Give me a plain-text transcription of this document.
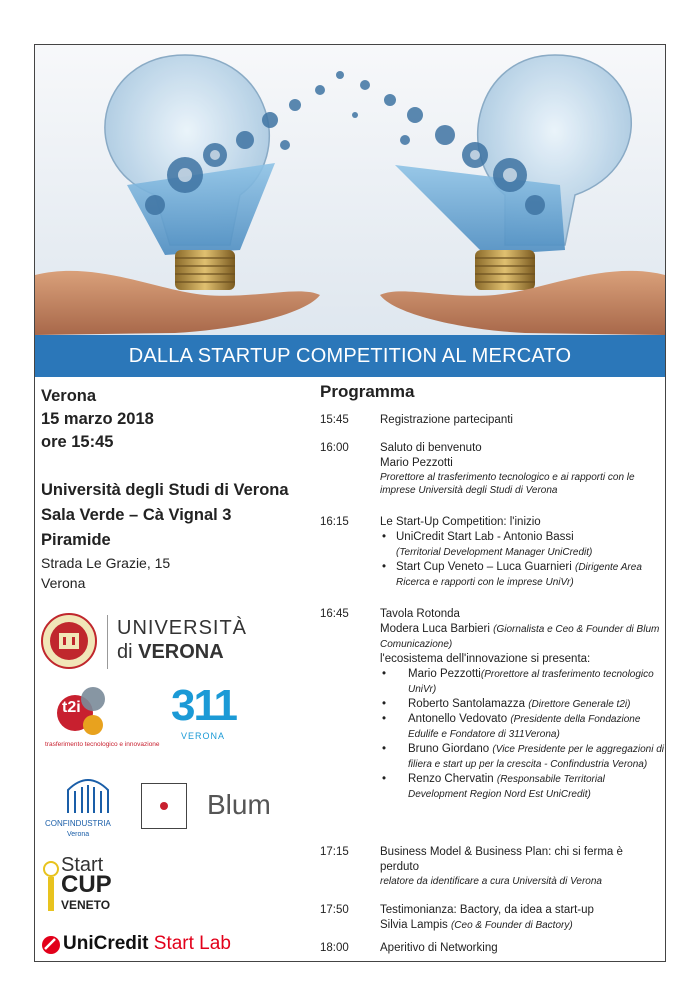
DALLA STARTUP COMPETITION AL MERCATO
Verona
15 marzo 2018
ore 15:45
Università degli Studi di Verona
Sala Verde – Cà Vignal 3
Piramide
Strada Le Grazie, 15
Verona
UNIVERSITÀ
di VERONA
t2i
trasferimento tecnologico e innovazione
311
VERONA
CONFINDUSTRIA
Verona
Blum
Start
CUP
VENETO
UniCredit Start Lab
Programma
15:45	Registrazione partecipanti
16:00	Saluto di benvenuto
Mario Pezzotti
Prorettore al trasferimento tecnologico e ai rapporti con le imprese Università degli Studi di Verona
16:15	Le Start-Up Competition: l'inizio
• UniCredit Start Lab - Antonio Bassi
(Territorial Development Manager UniCredit)
• Start Cup Veneto – Luca Guarnieri (Dirigente Area Ricerca e rapporti con le imprese UniVr)
16:45	Tavola Rotonda
Modera Luca Barbieri (Giornalista e Ceo & Founder di Blum Comunicazione)
l'ecosistema dell'innovazione si presenta:
• Mario Pezzotti(Prorettore al trasferimento tecnologico UniVr)
• Roberto Santolamazza (Direttore Generale t2i)
• Antonello Vedovato (Presidente della Fondazione Edulife e Fondatore di 311Verona)
• Bruno Giordano (Vice Presidente per le aggregazioni di filiera e start up per la crescita - Confindustria Verona)
• Renzo Chervatin (Responsabile Territorial Development Region Nord Est UniCredit)
17:15	Business Model & Business Plan: chi si ferma è perduto
relatore da identificare a cura Università di Verona
17:50	Testimonianza: Bactory, da idea a start-up
Silvia Lampis (Ceo & Founder di Bactory)
18:00	Aperitivo di Networking
